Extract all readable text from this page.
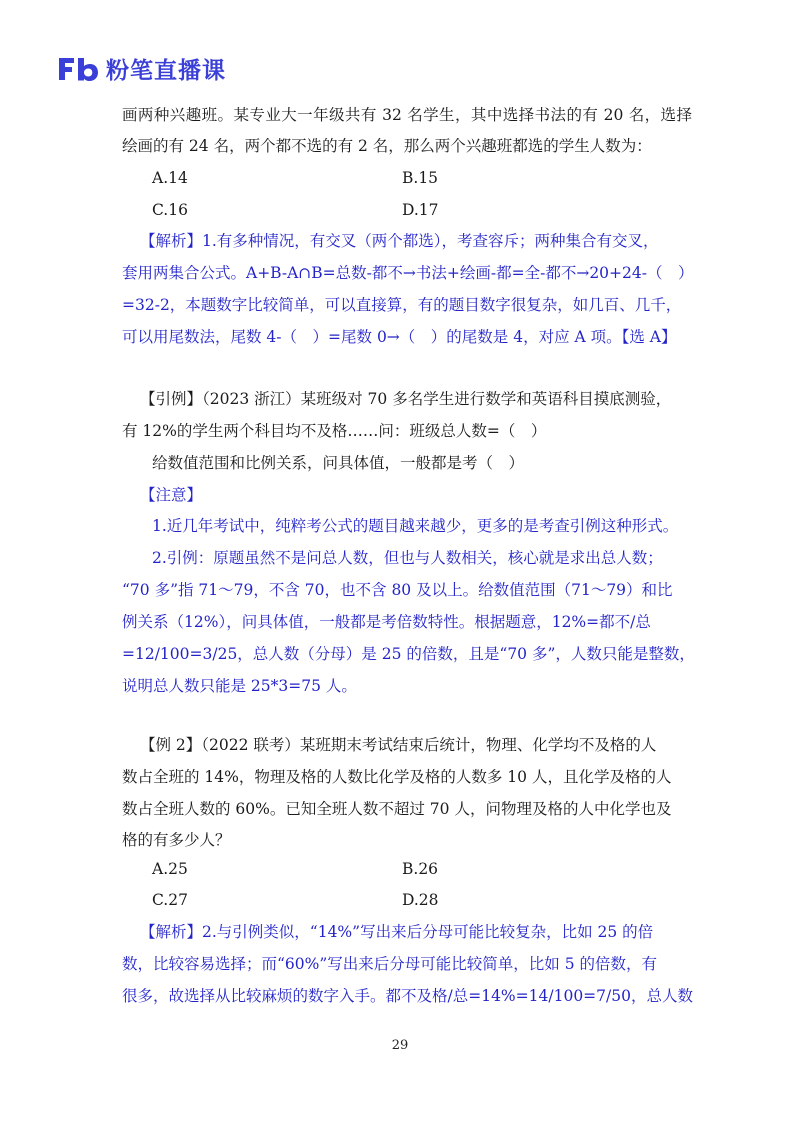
粉笔直播课
画两种兴趣班。某专业大一年级共有 32 名学生，其中选择书法的有 20 名，选择
绘画的有 24 名，两个都不选的有 2 名，那么两个兴趣班都选的学生人数为：
A.14	B.15
C.16	D.17
【解析】1.有多种情况，有交叉（两个都选），考查容斥；两种集合有交叉，
套用两集合公式。A+B-A∩B=总数-都不→书法+绘画-都=全-都不→20+24-（　）
=32-2，本题数字比较简单，可以直接算，有的题目数字很复杂，如几百、几千，
可以用尾数法，尾数 4-（　）=尾数 0→（　）的尾数是 4，对应 A 项。【选 A】
【引例】（2023 浙江）某班级对 70 多名学生进行数学和英语科目摸底测验，
有 12%的学生两个科目均不及格……问：班级总人数=（　）
给数值范围和比例关系，问具体值，一般都是考（　）
【注意】
1.近几年考试中，纯粹考公式的题目越来越少，更多的是考查引例这种形式。
2.引例：原题虽然不是问总人数，但也与人数相关，核心就是求出总人数；
“70 多”指 71～79，不含 70，也不含 80 及以上。给数值范围（71～79）和比
例关系（12%），问具体值，一般都是考倍数特性。根据题意，12%=都不/总
=12/100=3/25，总人数（分母）是 25 的倍数，且是“70 多”，人数只能是整数，
说明总人数只能是 25*3=75 人。
【例 2】（2022 联考）某班期末考试结束后统计，物理、化学均不及格的人
数占全班的 14%，物理及格的人数比化学及格的人数多 10 人，且化学及格的人
数占全班人数的 60%。已知全班人数不超过 70 人，问物理及格的人中化学也及
格的有多少人？
A.25	B.26
C.27	D.28
【解析】2.与引例类似，“14%”写出来后分母可能比较复杂，比如 25 的倍
数，比较容易选择；而“60%”写出来后分母可能比较简单，比如 5 的倍数，有
很多，故选择从比较麻烦的数字入手。都不及格/总=14%=14/100=7/50，总人数
29
